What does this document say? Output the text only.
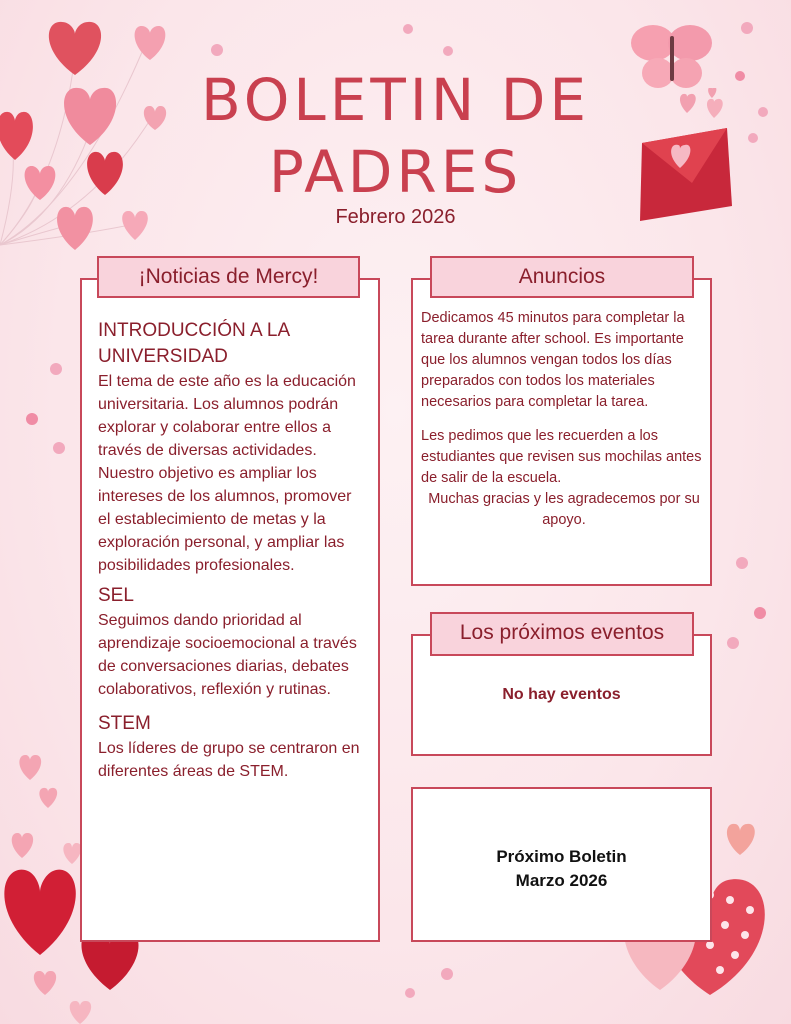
BOLETIN DE
PADRES
Febrero 2026

INTRODUCCIÓN A LA UNIVERSIDAD

El tema de este año es la educación universitaria. Los alumnos podrán explorar y colaborar entre ellos a través de diversas actividades. Nuestro objetivo es ampliar los intereses de los alumnos, promover el establecimiento de metas y la exploración personal, y ampliar las posibilidades profesionales.

SEL

Seguimos dando prioridad al aprendizaje socioemocional a través de conversaciones diarias, debates colaborativos, reflexión y rutinas.

STEM

Los líderes de grupo se centraron en diferentes áreas de STEM.

¡Noticias de Mercy!

Dedicamos 45 minutos para completar la tarea durante after school. Es importante que los alumnos vengan todos los días preparados con todos los materiales necesarios para completar la tarea.

Les pedimos que les recuerden a los estudiantes que revisen sus mochilas antes de salir de la escuela.

Muchas gracias y les agradecemos por su apoyo.

Anuncios
No hay eventos
Los próximos eventos
Próximo Boletin
Marzo 2026
